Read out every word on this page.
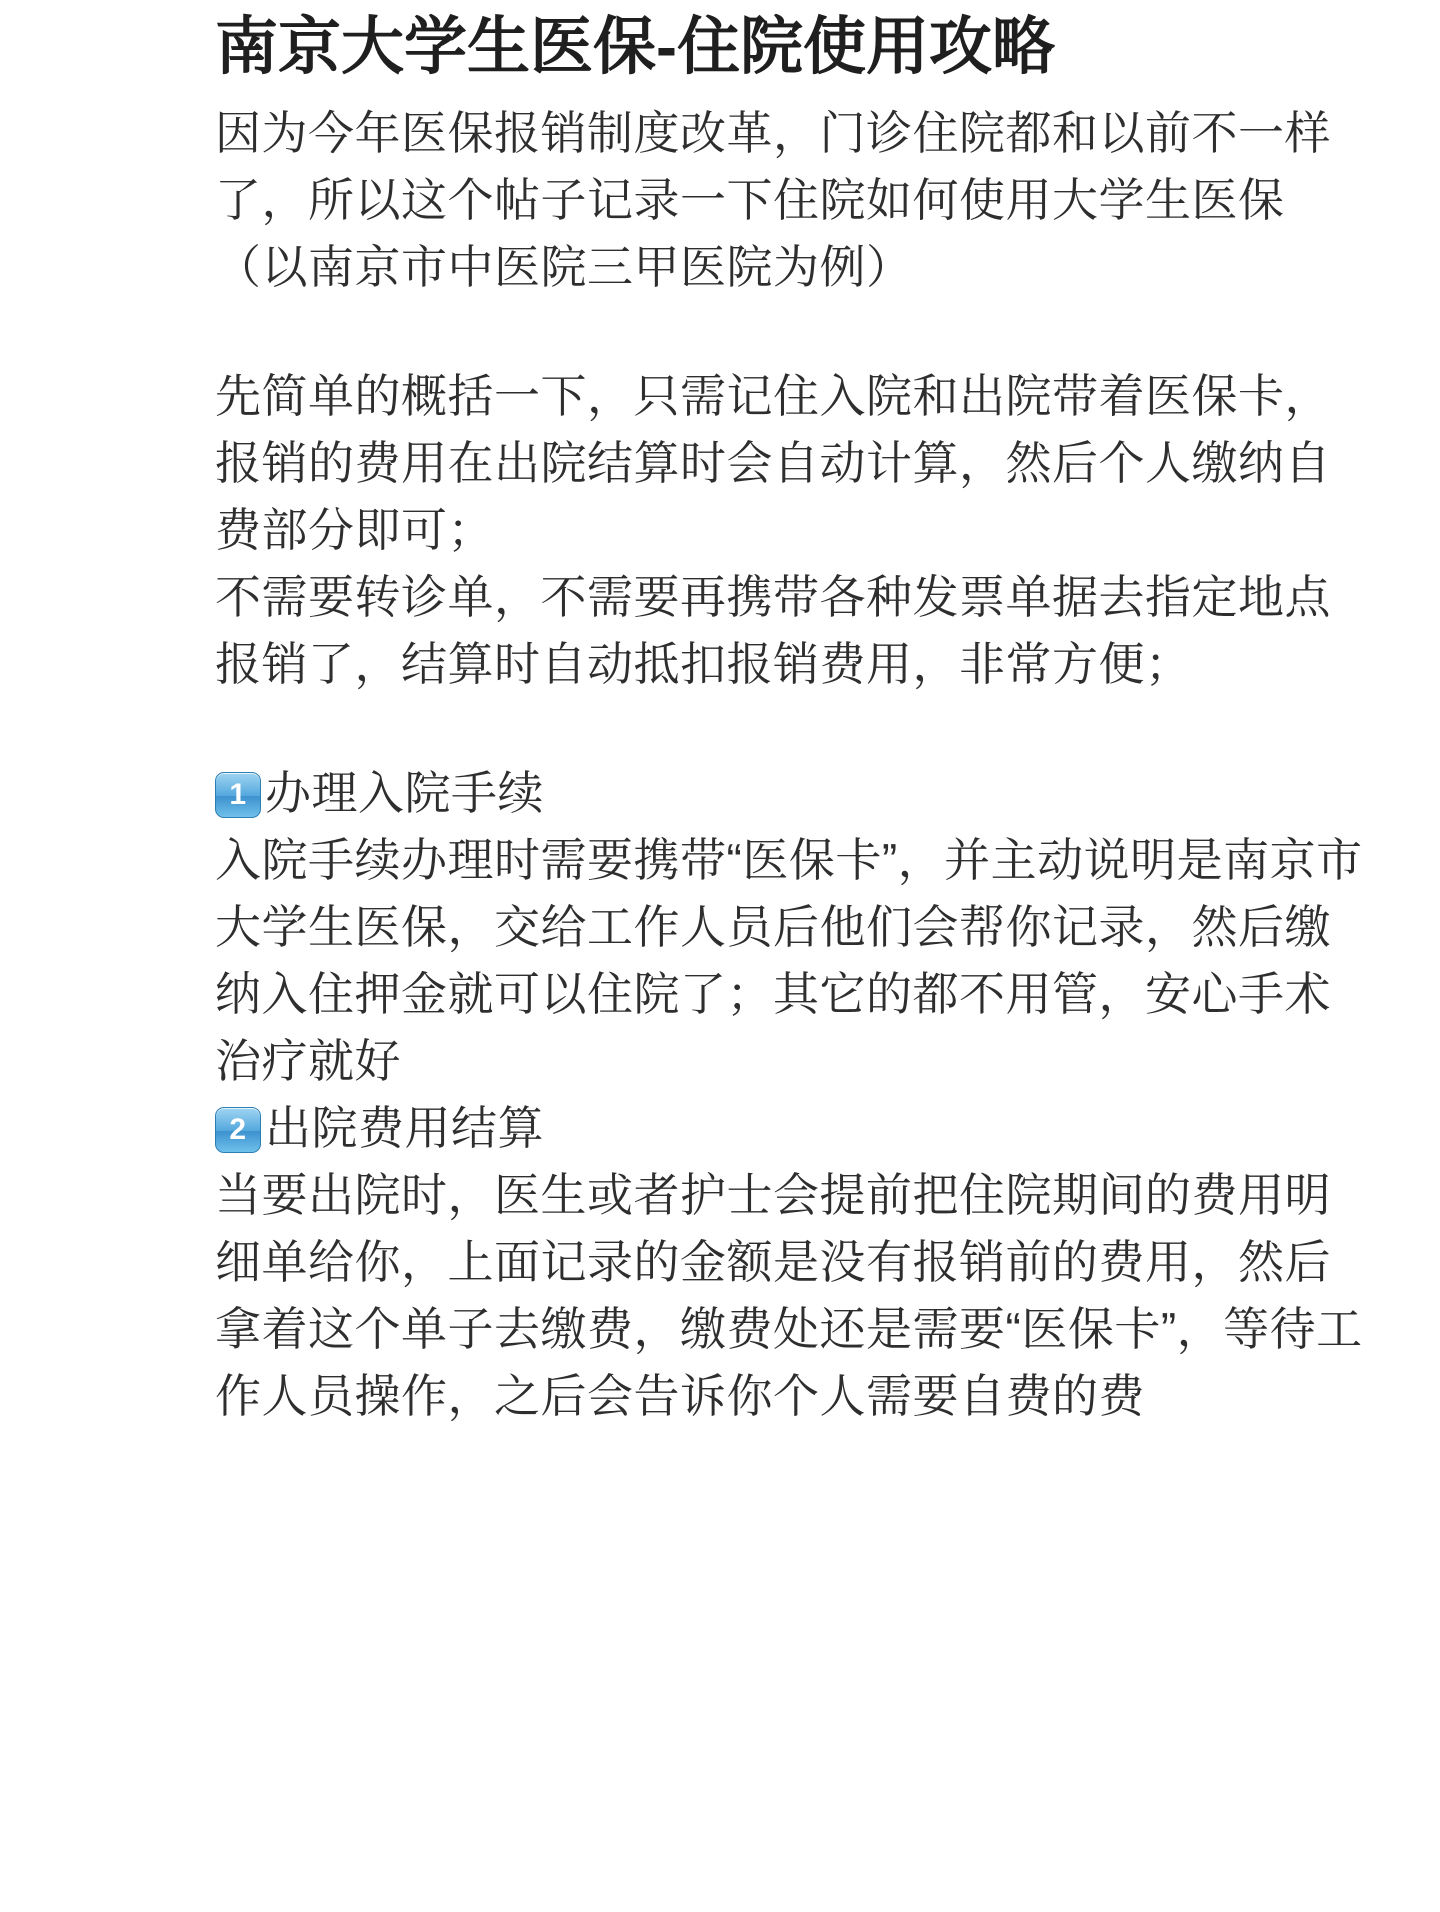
南京大学生医保-住院使用攻略

因为今年医保报销制度改革，门诊住院都和以前不一样了，所以这个帖子记录一下住院如何使用大学生医保（以南京市中医院三甲医院为例）

先简单的概括一下，只需记住入院和出院带着医保卡，报销的费用在出院结算时会自动计算，然后个人缴纳自费部分即可；

不需要转诊单，不需要再携带各种发票单据去指定地点报销了，结算时自动抵扣报销费用，非常方便；

1 办理入院手续

入院手续办理时需要携带“医保卡”，并主动说明是南京市大学生医保，交给工作人员后他们会帮你记录，然后缴纳入住押金就可以住院了；其它的都不用管，安心手术治疗就好

2 出院费用结算

当要出院时，医生或者护士会提前把住院期间的费用明细单给你，上面记录的金额是没有报销前的费用，然后拿着这个单子去缴费，缴费处还是需要“医保卡”，等待工作人员操作，之后会告诉你个人需要自费的费
